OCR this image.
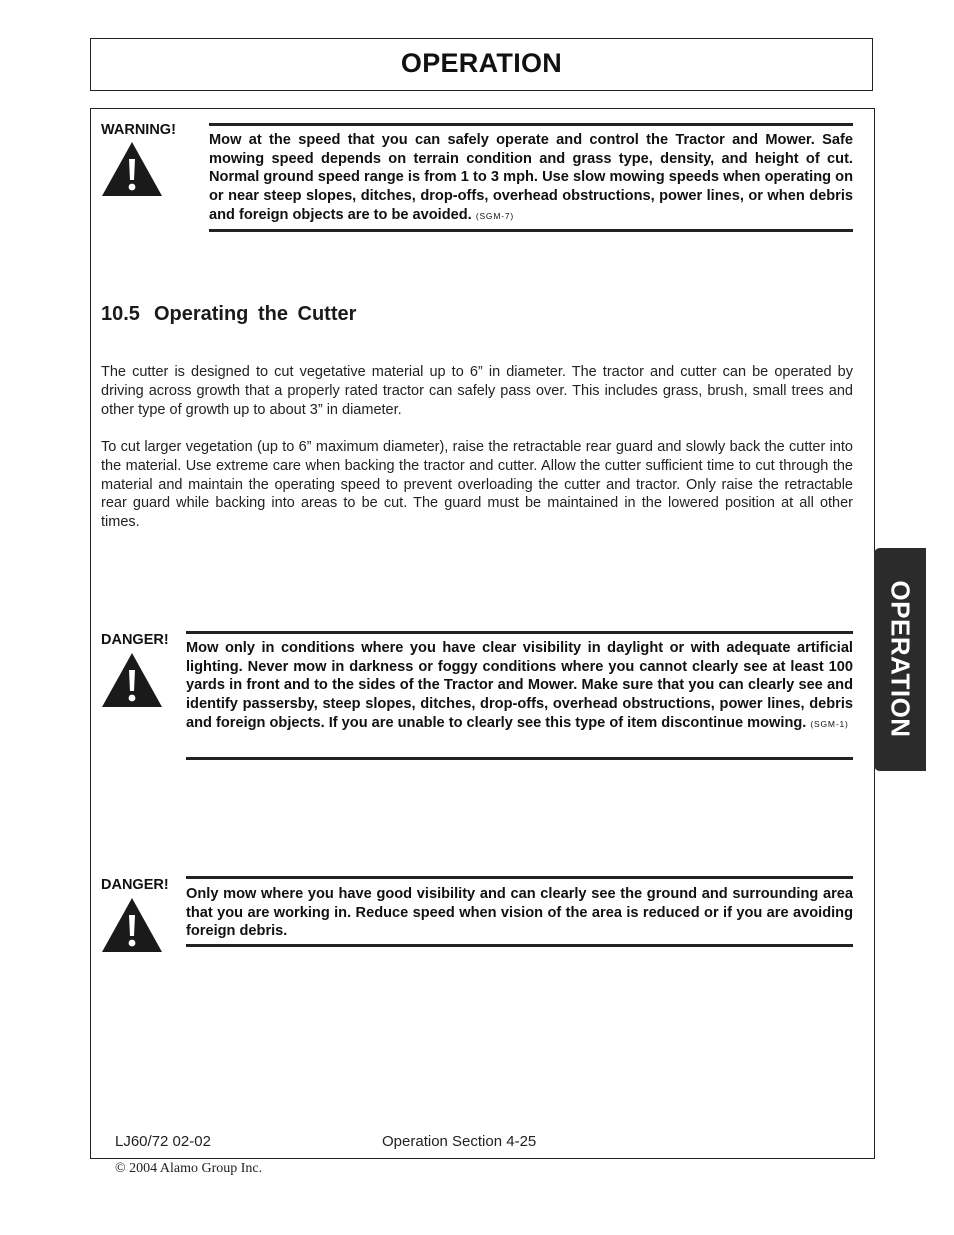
OPERATION
WARNING!
Mow at the speed that you can safely operate and control the Tractor and Mower. Safe mowing speed depends on terrain condition and grass type, density, and height of cut. Normal ground speed range is from 1 to 3 mph. Use slow mowing speeds when operating on or near steep slopes, ditches, drop-offs, overhead obstructions, power lines, or when debris and foreign objects are to be avoided. (SGM-7)
10.5 Operating the Cutter
The cutter is designed to cut vegetative material up to 6” in diameter. The tractor and cutter can be operated by driving across growth that a properly rated tractor can safely pass over. This includes grass, brush, small trees and other type of growth up to about 3” in diameter.
To cut larger vegetation (up to 6” maximum diameter), raise the retractable rear guard and slowly back the cutter into the material. Use extreme care when backing the tractor and cutter. Allow the cutter sufficient time to cut through the material and maintain the operating speed to prevent overloading the cutter and tractor. Only raise the retractable rear guard while backing into areas to be cut. The guard must be maintained in the lowered position at all other times.
DANGER! Mow only in conditions where you have clear visibility in daylight or with adequate artificial lighting. Never mow in darkness or foggy conditions where you cannot clearly see at least 100 yards in front and to the sides of the Tractor and Mower. Make sure that you can clearly see and identify passersby, steep slopes, ditches, drop-offs, overhead obstructions, power lines, debris and foreign objects. If you are unable to clearly see this type of item discontinue mowing. (SGM-1)
DANGER!
Only mow where you have good visibility and can clearly see the ground and surrounding area that you are working in. Reduce speed when vision of the area is reduced or if you are avoiding foreign debris.
OPERATION
LJ60/72 02-02	Operation Section 4-25
© 2004 Alamo Group Inc.
